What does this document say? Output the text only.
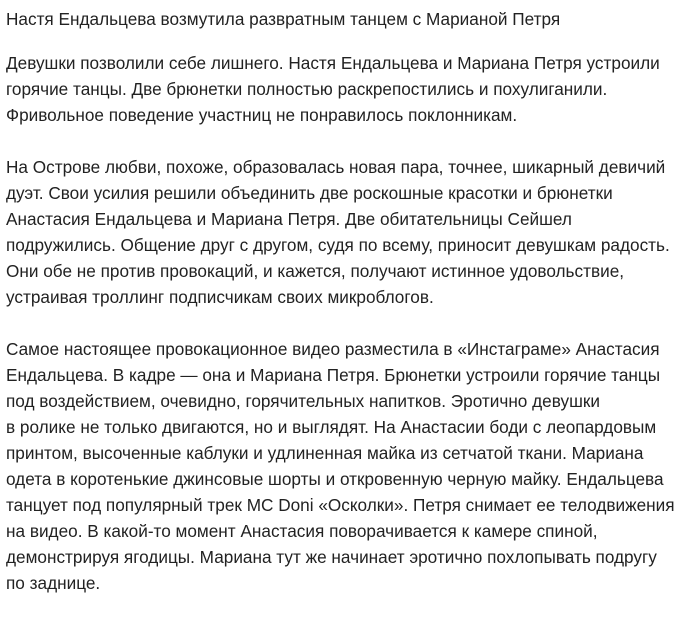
Настя Ендальцева возмутила развратным танцем с Марианой Петря
Девушки позволили себе лишнего. Настя Ендальцева и Мариана Петря устроили
горячие танцы. Две брюнетки полностью раскрепостились и похулиганили.
Фривольное поведение участниц не понравилось поклонникам.
На Острове любви, похоже, образовалась новая пара, точнее, шикарный девичий
дуэт. Свои усилия решили объединить две роскошные красотки и брюнетки
Анастасия Ендальцева и Мариана Петря. Две обитательницы Сейшел
подружились. Общение друг с другом, судя по всему, приносит девушкам радость.
Они обе не против провокаций, и кажется, получают истинное удовольствие,
устраивая троллинг подписчикам своих микроблогов.
Самое настоящее провокационное видео разместила в «Инстаграме» Анастасия
Ендальцева. В кадре — она и Мариана Петря. Брюнетки устроили горячие танцы
под воздействием, очевидно, горячительных напитков. Эротично девушки
в ролике не только двигаются, но и выглядят. На Анастасии боди с леопардовым
принтом, высоченные каблуки и удлиненная майка из сетчатой ткани. Мариана
одета в коротенькие джинсовые шорты и откровенную черную майку. Ендальцева
танцует под популярный трек MC Doni «Осколки». Петря снимает ее телодвижения
на видео. В какой-то момент Анастасия поворачивается к камере спиной,
демонстрируя ягодицы. Мариана тут же начинает эротично похлопывать подругу
по заднице.
